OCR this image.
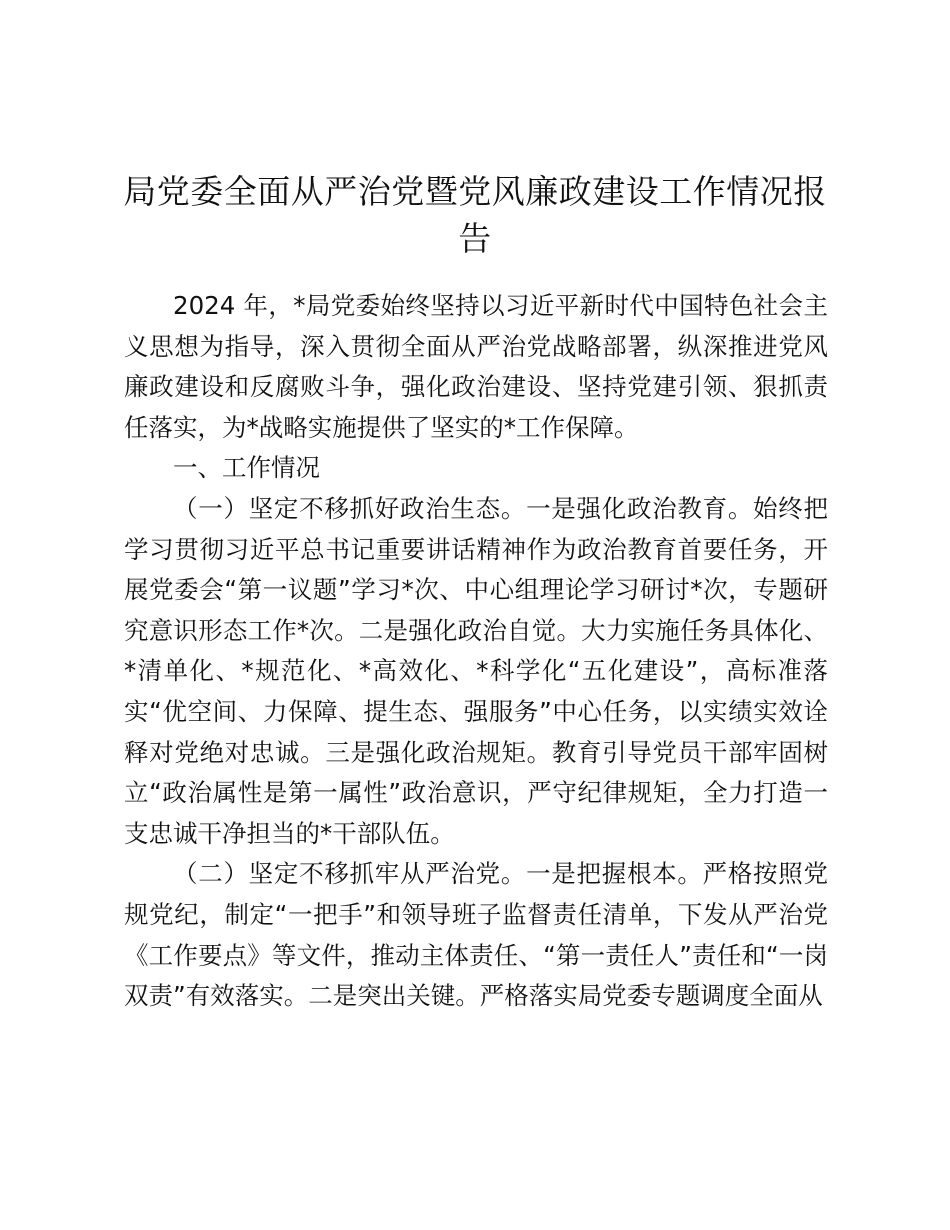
局党委全面从严治党暨党风廉政建设工作情况报告

2024 年，*局党委始终坚持以习近平新时代中国特色社会主义思想为指导，深入贯彻全面从严治党战略部署，纵深推进党风廉政建设和反腐败斗争，强化政治建设、坚持党建引领、狠抓责任落实，为*战略实施提供了坚实的*工作保障。

一、工作情况

（一）坚定不移抓好政治生态。一是强化政治教育。始终把学习贯彻习近平总书记重要讲话精神作为政治教育首要任务，开展党委会“第一议题”学习*次、中心组理论学习研讨*次，专题研究意识形态工作*次。二是强化政治自觉。大力实施任务具体化、*清单化、*规范化、*高效化、*科学化“五化建设”，高标准落实“优空间、力保障、提生态、强服务”中心任务，以实绩实效诠释对党绝对忠诚。三是强化政治规矩。教育引导党员干部牢固树立“政治属性是第一属性”政治意识，严守纪律规矩，全力打造一支忠诚干净担当的*干部队伍。

（二）坚定不移抓牢从严治党。一是把握根本。严格按照党规党纪，制定“一把手”和领导班子监督责任清单，下发从严治党《工作要点》等文件，推动主体责任、“第一责任人”责任和“一岗双责”有效落实。二是突出关键。严格落实局党委专题调度全面从
